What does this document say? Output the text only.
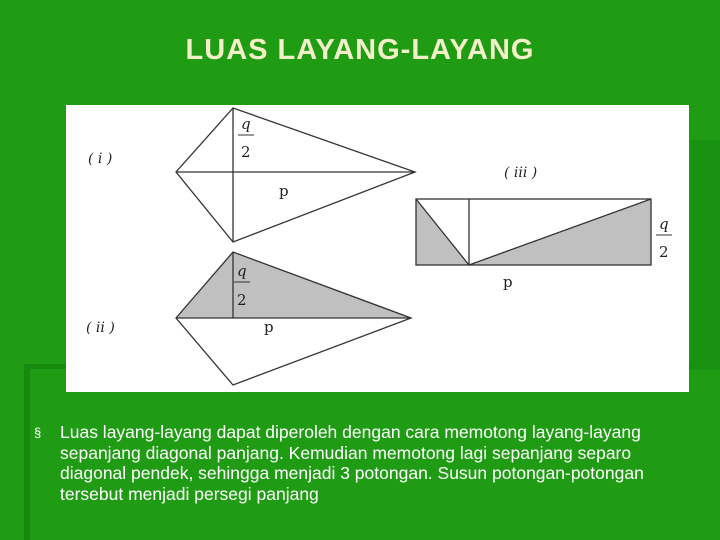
LUAS LAYANG-LAYANG
( i )
q
2
p
( ii )
q
2
p
( iii )
q
2
p
§ Luas layang-layang dapat diperoleh dengan cara memotong layang-layang sepanjang diagonal panjang. Kemudian memotong lagi sepanjang separo diagonal pendek, sehingga menjadi 3 potongan. Susun potongan-potongan tersebut menjadi persegi panjang
